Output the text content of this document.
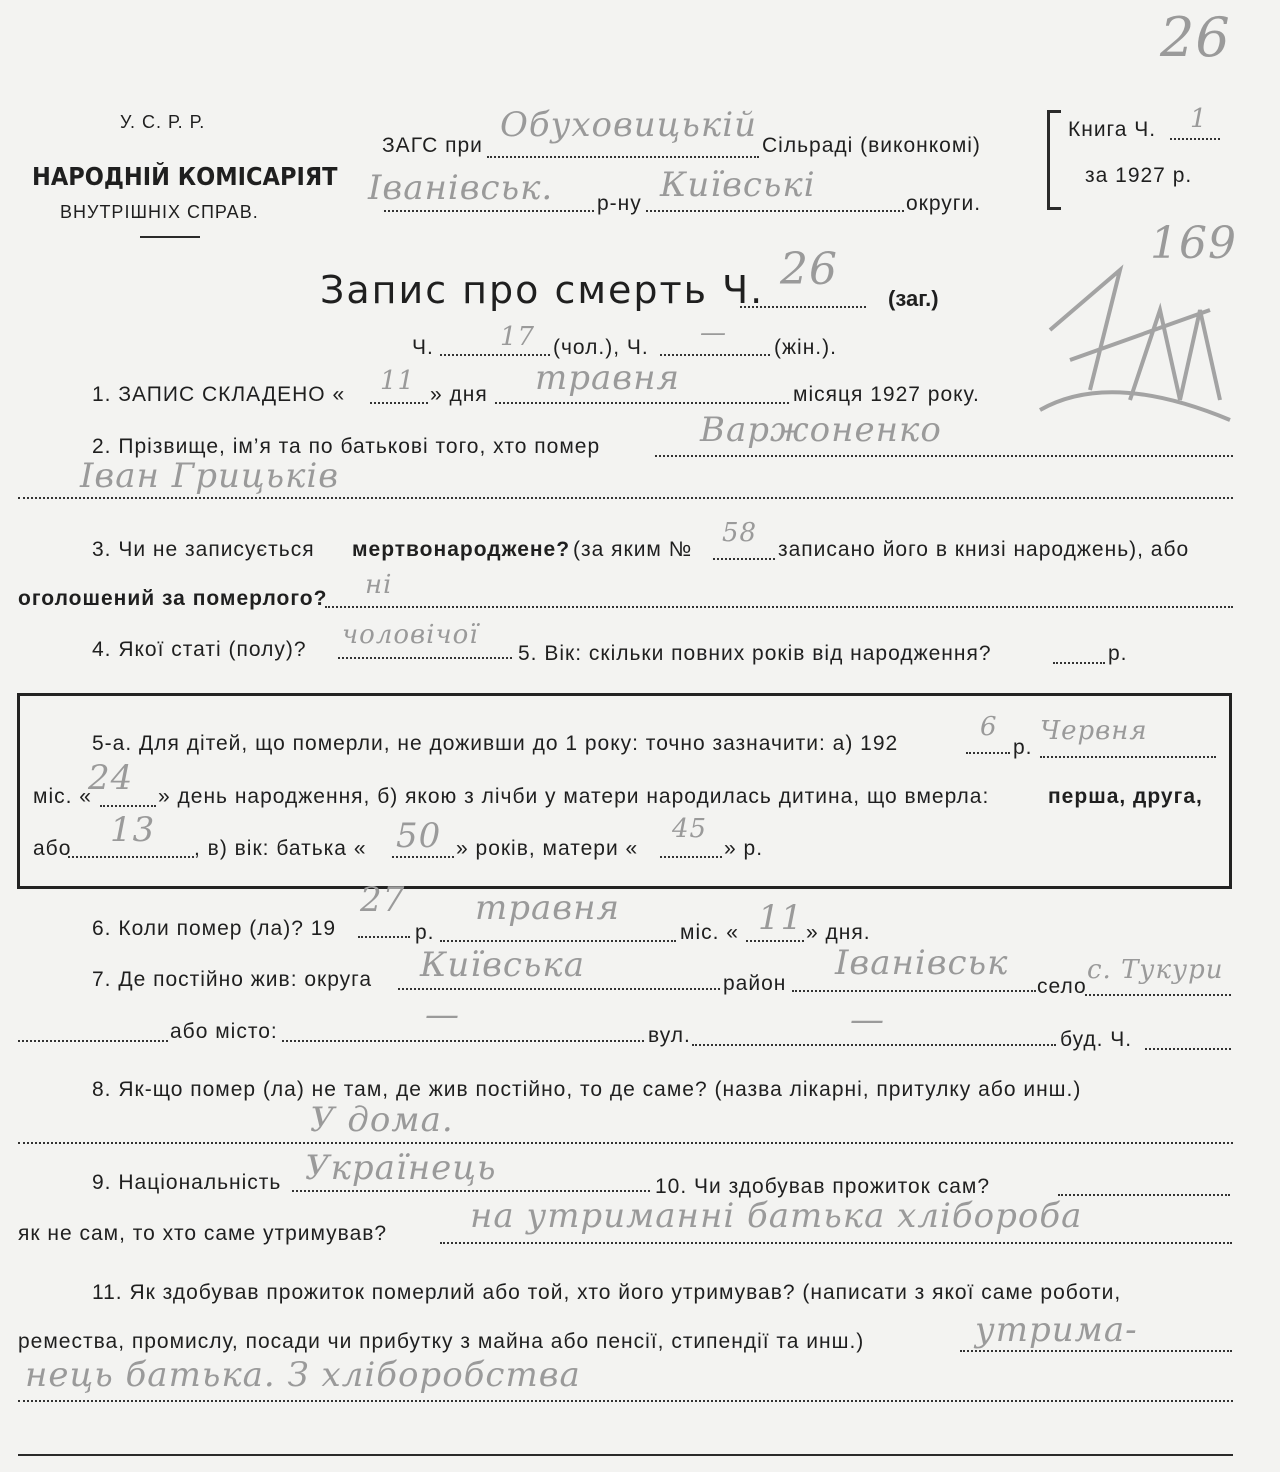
У. С. Р. Р.
НАРОДНІЙ КОМІСАРІЯТ
ВНУТРІШНІХ СПРАВ.
ЗАГС при
Обуховицькій
Сільраді (виконкомі)
Іванівськ. р-ну Київські	округи.
Книга Ч. 1
за 1927 р.
26
169
Запис про смерть Ч. 26
(заг.)
Ч.	17 (чол.), Ч. — (жін.).
1. ЗАПИС СКЛАДЕНО « 11 » дня травня	місяця 1927 року.
2. Прізвище, ім’я та по батькові того, хто помер	Варжоненко
Іван Грицьків
3. Чи не записується мертвонароджене? (за яким №
58
записано його в книзі народжень), або
оголошений за померлого? ні
4. Якої статі (полу)? чоловічої
5. Вік: скільки повних років від народження?	р.
5-а. Для дітей, що померли, не доживши до 1 року: точно зазначити: а) 192
6
р.
Червня
міс. «
24 » день народження, б) якою з лічби у матери народилась дитина, що вмерла:	перша, друга,
або 13 , в) вік: батька « 50 » років, матери «
45
» р.
6. Коли помер (ла)? 19
27
р.
травня
міс. « 11 » дня.
7. Де постійно жив: округа Київська	район
Іванівськ
село
с. Тукури
або місто:	—
вул.	—	буд. Ч.
8. Як-що помер (ла) не там, де жив постійно, то де саме? (назва лікарні, притулку або инш.)
У дома.
9. Національність Українець	10. Чи здобував прожиток сам?
як не сам, то хто саме утримував? на утриманні батька хлібороба
11. Як здобував прожиток померлий або той, хто його утримував? (написати з якої саме роботи,
ремества, промислу, посади чи прибутку з майна або пенсії, стипендії та инш.)	утрима-
нець батька. З хліборобства
